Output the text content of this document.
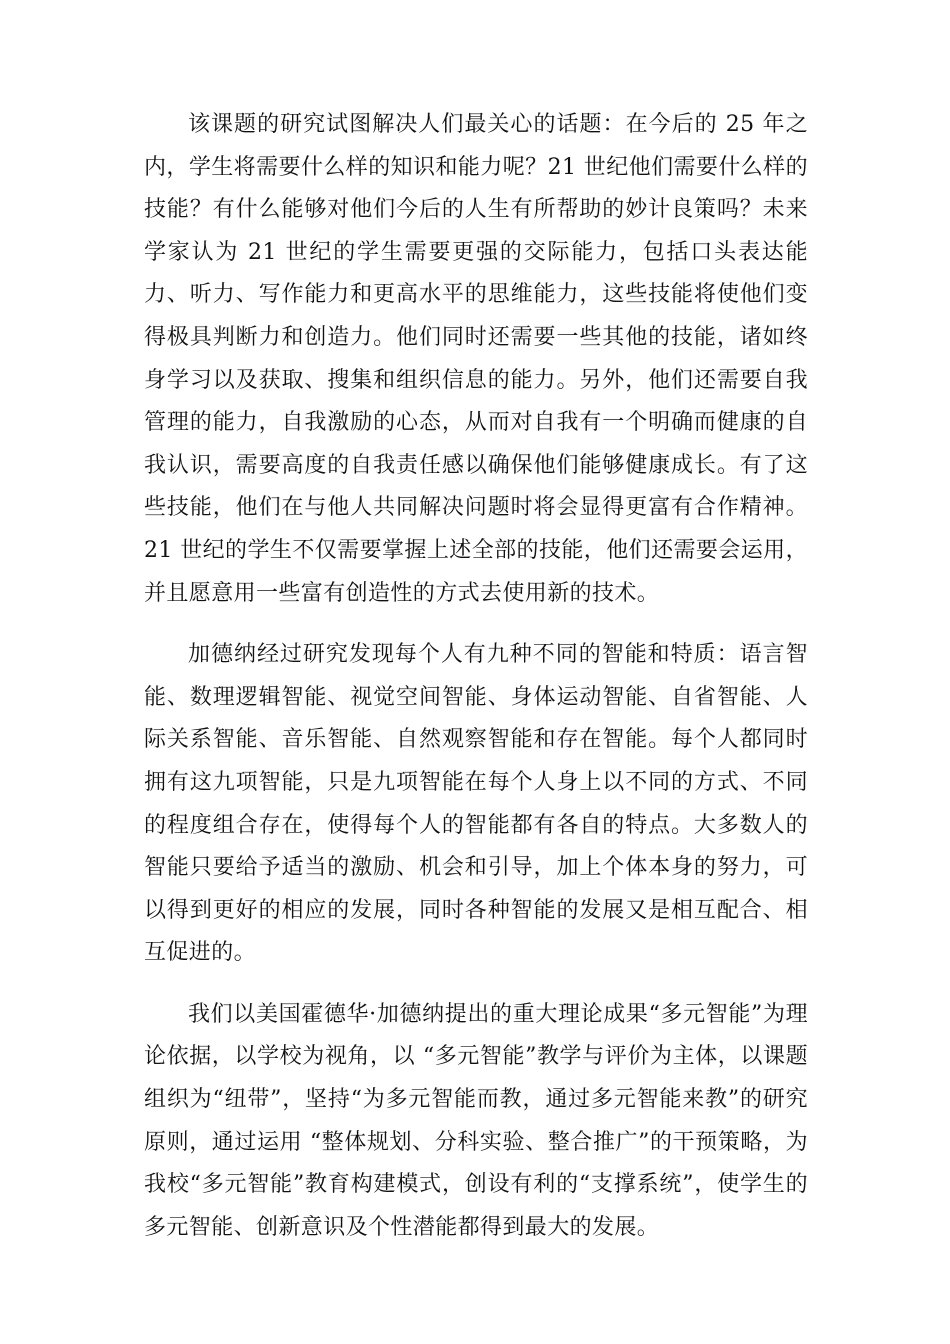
该课题的研究试图解决人们最关心的话题：在今后的 25 年之内，学生将需要什么样的知识和能力呢？21 世纪他们需要什么样的技能？有什么能够对他们今后的人生有所帮助的妙计良策吗？未来学家认为 21 世纪的学生需要更强的交际能力，包括口头表达能力、听力、写作能力和更高水平的思维能力，这些技能将使他们变得极具判断力和创造力。他们同时还需要一些其他的技能，诸如终身学习以及获取、搜集和组织信息的能力。另外，他们还需要自我管理的能力，自我激励的心态，从而对自我有一个明确而健康的自我认识，需要高度的自我责任感以确保他们能够健康成长。有了这些技能，他们在与他人共同解决问题时将会显得更富有合作精神。21 世纪的学生不仅需要掌握上述全部的技能，他们还需要会运用，并且愿意用一些富有创造性的方式去使用新的技术。

加德纳经过研究发现每个人有九种不同的智能和特质：语言智能、数理逻辑智能、视觉空间智能、身体运动智能、自省智能、人际关系智能、音乐智能、自然观察智能和存在智能。每个人都同时拥有这九项智能，只是九项智能在每个人身上以不同的方式、不同的程度组合存在，使得每个人的智能都有各自的特点。大多数人的智能只要给予适当的激励、机会和引导，加上个体本身的努力，可以得到更好的相应的发展，同时各种智能的发展又是相互配合、相互促进的。

我们以美国霍德华·加德纳提出的重大理论成果“多元智能”为理论依据，以学校为视角，以 “多元智能”教学与评价为主体，以课题组织为“纽带”，坚持“为多元智能而教，通过多元智能来教”的研究原则，通过运用 “整体规划、分科实验、整合推广”的干预策略，为我校“多元智能”教育构建模式，创设有利的“支撑系统”，使学生的多元智能、创新意识及个性潜能都得到最大的发展。
